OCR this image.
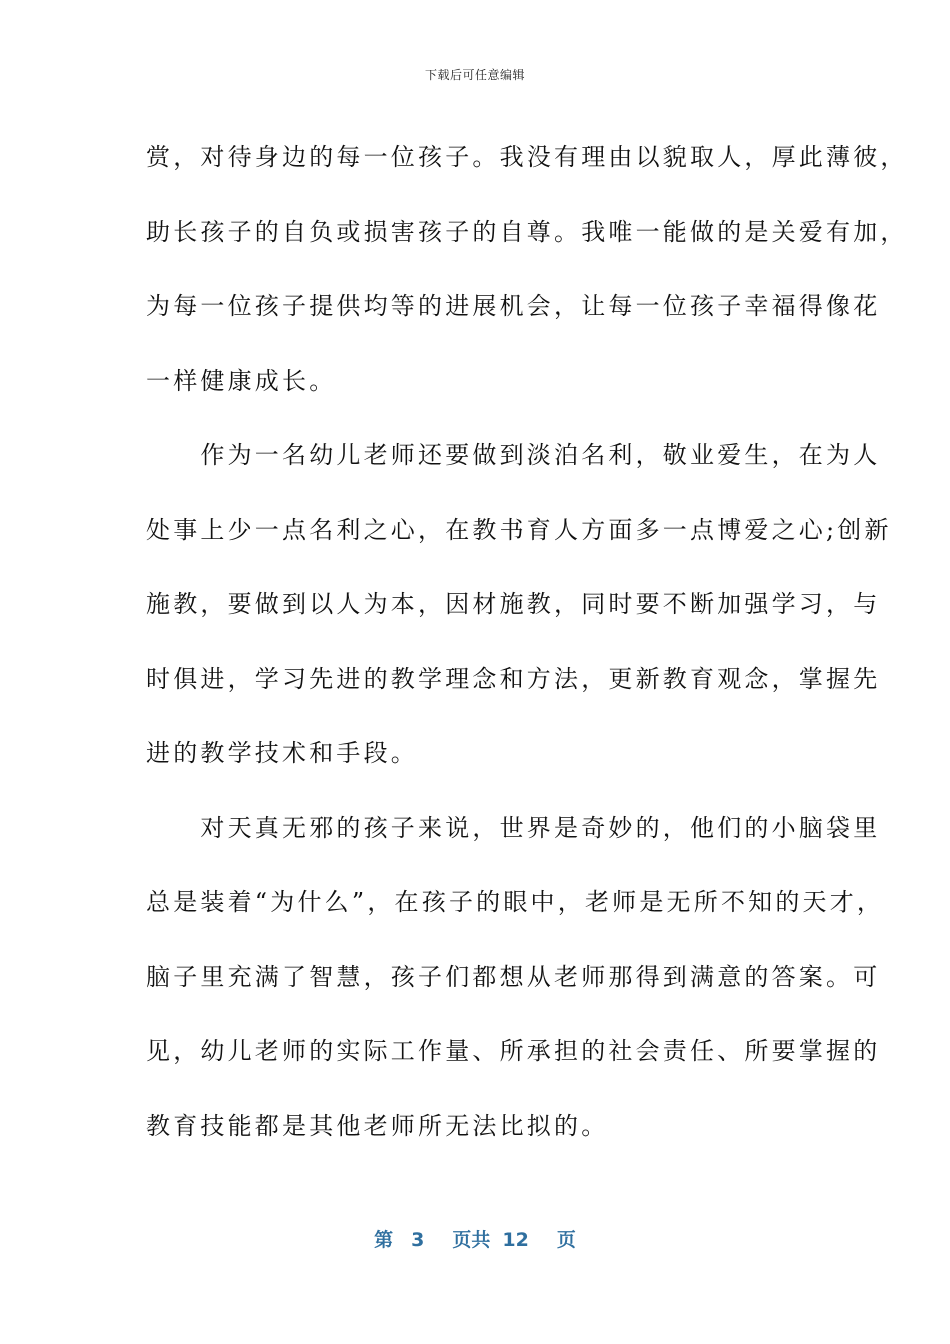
下载后可任意编辑
赏，对待身边的每一位孩子。我没有理由以貌取人，厚此薄彼，
助长孩子的自负或损害孩子的自尊。我唯一能做的是关爱有加，
为每一位孩子提供均等的进展机会，让每一位孩子幸福得像花
一样健康成长。
　　作为一名幼儿老师还要做到淡泊名利，敬业爱生，在为人
处事上少一点名利之心，在教书育人方面多一点博爱之心;创新
施教，要做到以人为本，因材施教，同时要不断加强学习，与
时俱进，学习先进的教学理念和方法，更新教育观念，掌握先
进的教学技术和手段。
　　对天真无邪的孩子来说，世界是奇妙的，他们的小脑袋里
总是装着“为什么”，在孩子的眼中，老师是无所不知的天才，
脑子里充满了智慧，孩子们都想从老师那得到满意的答案。可
见，幼儿老师的实际工作量、所承担的社会责任、所要掌握的
教育技能都是其他老师所无法比拟的。
第 3 页共 12 页
